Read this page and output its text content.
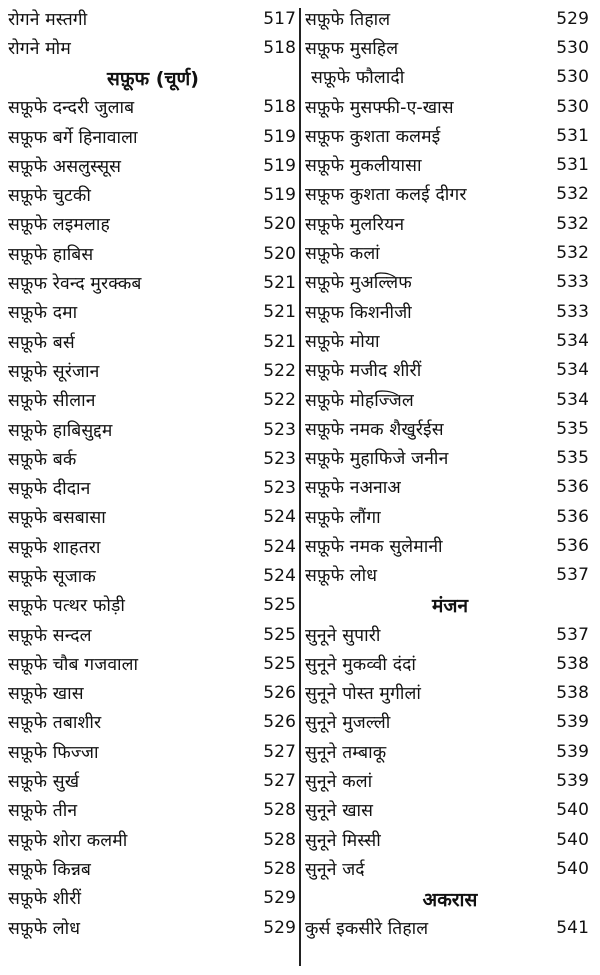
रोगने मस्तगी	517
रोगने मोम	518
सफ़ूफ (चूर्ण)
सफ़ूफे दन्दरी जुलाब	518
सफ़ूफ बर्गे हिनावाला	519
सफ़ूफे असलुस्सूस	519
सफ़ूफे चुटकी	519
सफ़ूफे लइमलाह	520
सफ़ूफे हाबिस	520
सफ़ूफ रेवन्द मुरक्कब	521
सफ़ूफे दमा	521
सफ़ूफे बर्स	521
सफ़ूफे सूरंजान	522
सफ़ूफे सीलान	522
सफ़ूफे हाबिसुद्दम	523
सफ़ूफे बर्क	523
सफ़ूफे दीदान	523
सफ़ूफे बसबासा	524
सफ़ूफे शाहतरा	524
सफ़ूफे सूजाक	524
सफ़ूफे पत्थर फोड़ी	525
सफ़ूफे सन्दल	525
सफ़ूफे चौब गजवाला	525
सफ़ूफे खास	526
सफ़ूफे तबाशीर	526
सफ़ूफे फिज्जा	527
सफ़ूफे सुर्ख	527
सफ़ूफे तीन	528
सफ़ूफे शोरा कलमी	528
सफ़ूफे किन्नब	528
सफ़ूफे शीरीं	529
सफ़ूफे लोध	529
सफ़ूफे तिहाल	529
सफ़ूफ मुसहिल	530
सफ़ूफे फौलादी	530
सफ़ूफे मुसफ्फी-ए-खास	530
सफ़ूफ कुशता कलमई	531
सफ़ूफे मुकलीयासा	531
सफ़ूफ कुशता कलई दीगर	532
सफ़ूफे मुलरियन	532
सफ़ूफे कलां	532
सफ़ूफे मुअल्लिफ	533
सफ़ूफ किशनीजी	533
सफ़ूफे मोया	534
सफ़ूफे मजीद शीरीं	534
सफ़ूफे मोहज्जिल	534
सफ़ूफे नमक शैखुर्रईस	535
सफ़ूफे मुहाफिजे जनीन	535
सफ़ूफे नअनाअ	536
सफ़ूफे लौंगा	536
सफ़ूफे नमक सुलेमानी	536
सफ़ूफे लोध	537
मंजन
सुनूने सुपारी	537
सुनूने मुकव्वी दंदां	538
सुनूने पोस्त मुगीलां	538
सुनूने मुजल्ली	539
सुनूने तम्बाकू	539
सुनूने कलां	539
सुनूने खास	540
सुनूने मिस्सी	540
सुनूने जर्द	540
अकरास
कुर्स इकसीरे तिहाल	541
